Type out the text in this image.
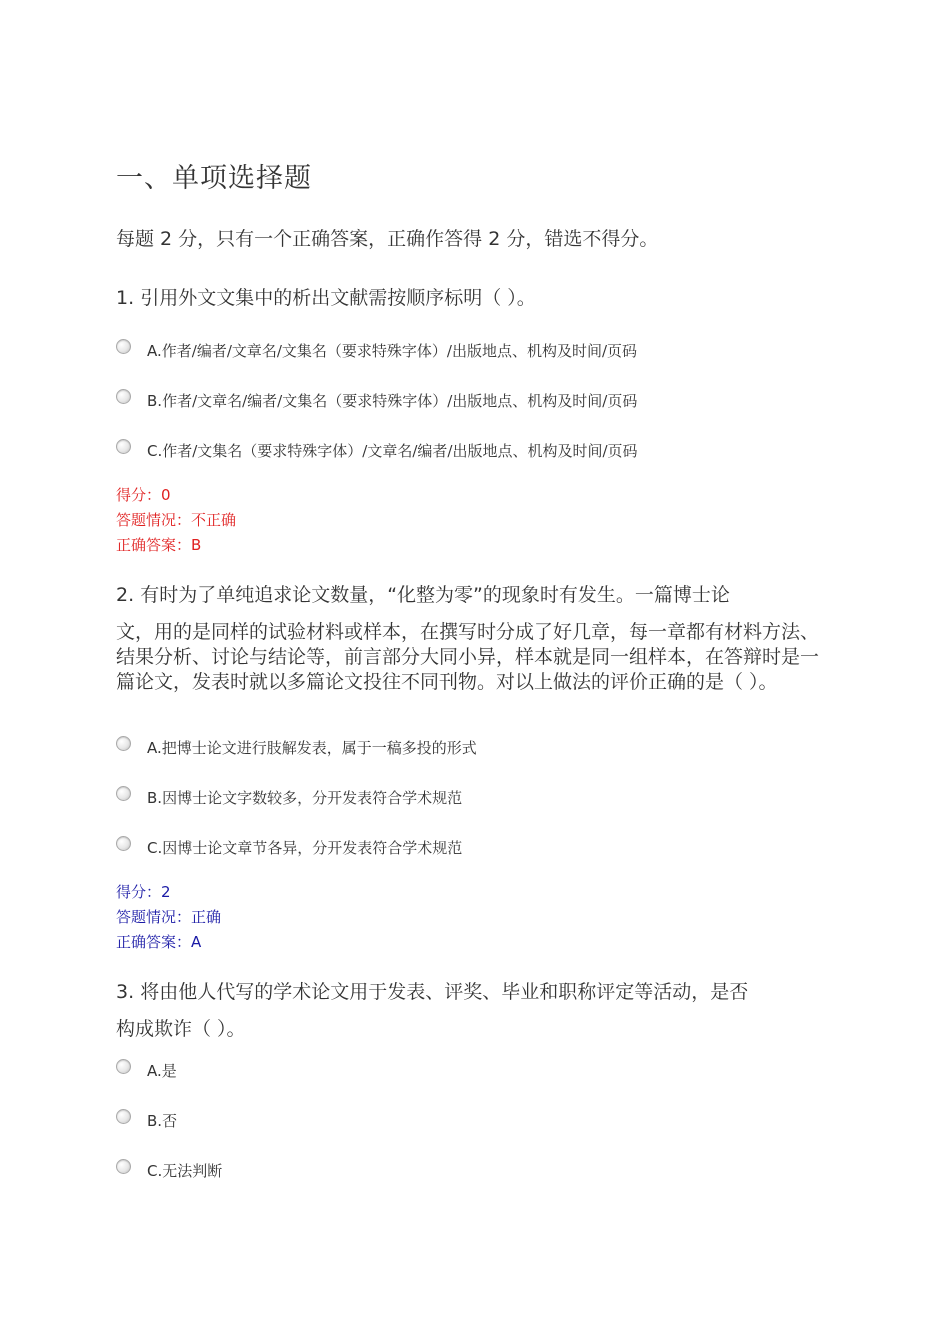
一、单项选择题
每题 2 分，只有一个正确答案，正确作答得 2 分，错选不得分。
1. 引用外文文集中的析出文献需按顺序标明（ ）。
A.作者/编者/文章名/文集名（要求特殊字体）/出版地点、机构及时间/页码
B.作者/文章名/编者/文集名（要求特殊字体）/出版地点、机构及时间/页码
C.作者/文集名（要求特殊字体）/文章名/编者/出版地点、机构及时间/页码
得分：0
答题情况：不正确
正确答案：B
2. 有时为了单纯追求论文数量，“化整为零”的现象时有发生。一篇博士论
文，用的是同样的试验材料或样本，在撰写时分成了好几章，每一章都有材料方法、结果分析、讨论与结论等，前言部分大同小异，样本就是同一组样本，在答辩时是一篇论文，发表时就以多篇论文投往不同刊物。对以上做法的评价正确的是（ ）。
A.把博士论文进行肢解发表，属于一稿多投的形式
B.因博士论文字数较多，分开发表符合学术规范
C.因博士论文章节各异，分开发表符合学术规范
得分：2
答题情况：正确
正确答案：A
3. 将由他人代写的学术论文用于发表、评奖、毕业和职称评定等活动，是否
构成欺诈（ ）。
A.是
B.否
C.无法判断
